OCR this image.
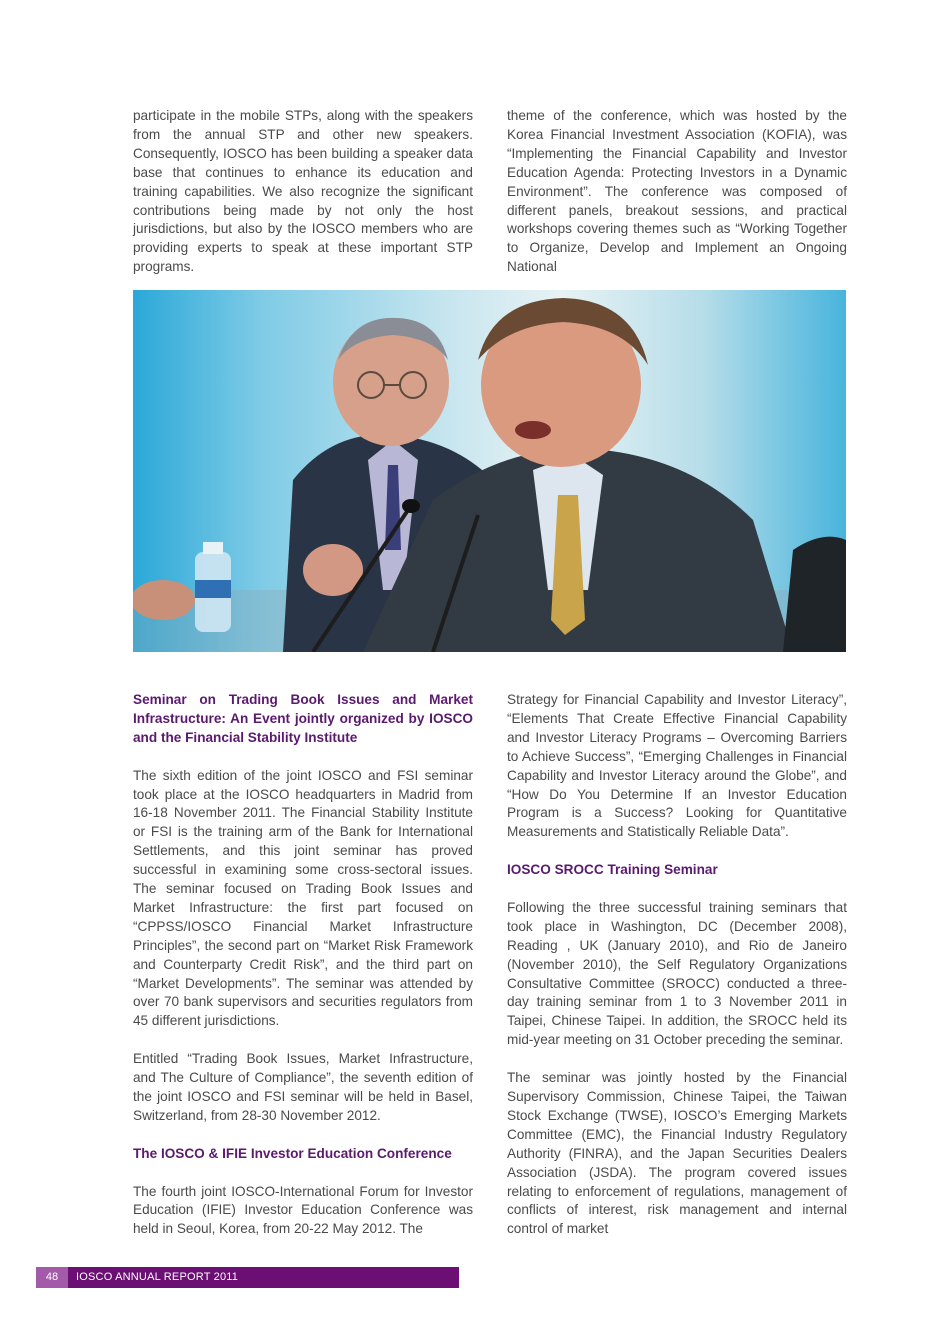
participate in the mobile STPs, along with the speakers from the annual STP and other new speakers. Consequently, IOSCO has been building a speaker data base that continues to enhance its education and training capabilities. We also recognize the significant contributions being made by not only the host jurisdictions, but also by the IOSCO members who are providing experts to speak at these important STP programs.

theme of the conference, which was hosted by the Korea Financial Investment Association (KOFIA), was “Implementing the Financial Capability and Investor Education Agenda: Protecting Investors in a Dynamic Environment”. The conference was composed of different panels, breakout sessions, and practical workshops covering themes such as “Working Together to Organize, Develop and Implement an Ongoing National

Seminar on Trading Book Issues and Market Infrastructure: An Event jointly organized by IOSCO and the Financial Stability Institute

The sixth edition of the joint IOSCO and FSI seminar took place at the IOSCO headquarters in Madrid from 16-18 November 2011. The Financial Stability Institute or FSI is the training arm of the Bank for International Settlements, and this joint seminar has proved successful in examining some cross-sectoral issues. The seminar focused on Trading Book Issues and Market Infrastructure: the first part focused on “CPPSS/IOSCO Financial Market Infrastructure Principles”, the second part on “Market Risk Framework and Counterparty Credit Risk”, and the third part on “Market Developments”. The seminar was attended by over 70 bank supervisors and securities regulators from 45 different jurisdictions.

Entitled “Trading Book Issues, Market Infrastructure, and The Culture of Compliance”, the seventh edition of the joint IOSCO and FSI seminar will be held in Basel, Switzerland, from 28-30 November 2012.

The IOSCO & IFIE Investor Education Conference

The fourth joint IOSCO-International Forum for Investor Education (IFIE) Investor Education Conference was held in Seoul, Korea, from 20-22 May 2012. The

Strategy for Financial Capability and Investor Literacy”, “Elements That Create Effective Financial Capability and Investor Literacy Programs – Overcoming Barriers to Achieve Success”, “Emerging Challenges in Financial Capability and Investor Literacy around the Globe”, and “How Do You Determine If an Investor Education Program is a Success? Looking for Quantitative Measurements and Statistically Reliable Data”.

IOSCO SROCC Training Seminar

Following the three successful training seminars that took place in Washington, DC (December 2008), Reading , UK (January 2010), and Rio de Janeiro (November 2010), the Self Regulatory Organizations Consultative Committee (SROCC) conducted a three-day training seminar from 1 to 3 November 2011 in Taipei, Chinese Taipei. In addition, the SROCC held its mid-year meeting on 31 October preceding the seminar.

The seminar was jointly hosted by the Financial Supervisory Commission, Chinese Taipei, the Taiwan Stock Exchange (TWSE), IOSCO’s Emerging Markets Committee (EMC), the Financial Industry Regulatory Authority (FINRA), and the Japan Securities Dealers Association (JSDA). The program covered issues relating to enforcement of regulations, management of conflicts of interest, risk management and internal control of market

48	IOSCO ANNUAL REPORT 2011
